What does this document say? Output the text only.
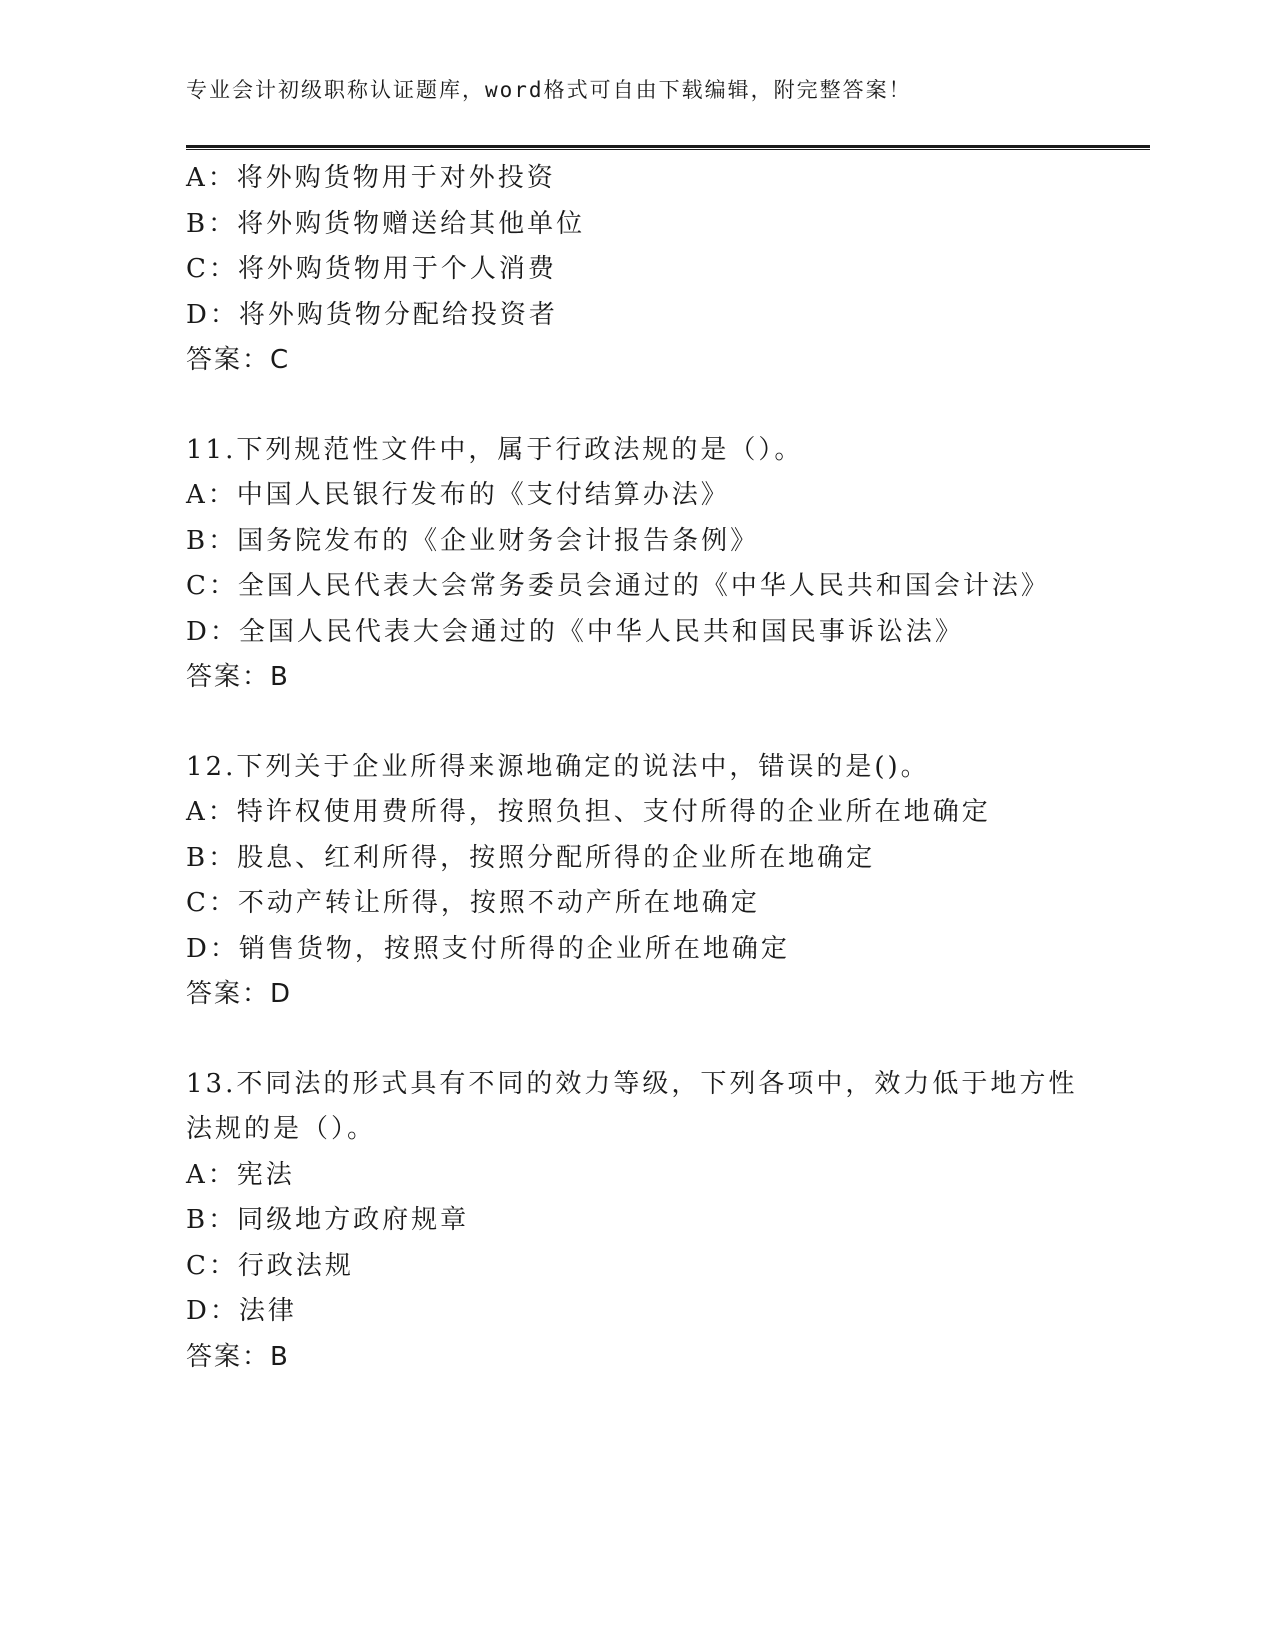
专业会计初级职称认证题库，word格式可自由下载编辑，附完整答案！
A：将外购货物用于对外投资
B：将外购货物赠送给其他单位
C：将外购货物用于个人消费
D：将外购货物分配给投资者
答案：C
11.下列规范性文件中，属于行政法规的是（）。
A：中国人民银行发布的《支付结算办法》
B：国务院发布的《企业财务会计报告条例》
C：全国人民代表大会常务委员会通过的《中华人民共和国会计法》
D：全国人民代表大会通过的《中华人民共和国民事诉讼法》
答案：B
12.下列关于企业所得来源地确定的说法中，错误的是()。
A：特许权使用费所得，按照负担、支付所得的企业所在地确定
B：股息、红利所得，按照分配所得的企业所在地确定
C：不动产转让所得，按照不动产所在地确定
D：销售货物，按照支付所得的企业所在地确定
答案：D
13.不同法的形式具有不同的效力等级，下列各项中，效力低于地方性
法规的是（）。
A：宪法
B：同级地方政府规章
C：行政法规
D：法律
答案：B
